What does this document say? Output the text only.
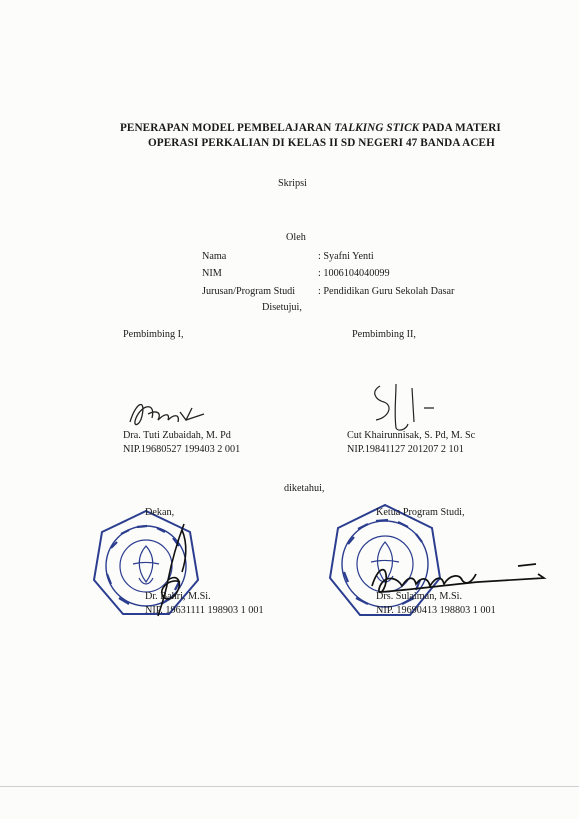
PENERAPAN MODEL PEMBELAJARAN TALKING STICK PADA MATERI
OPERASI PERKALIAN DI KELAS II SD NEGERI 47 BANDA ACEH
Skripsi
Oleh
Nama	: Syafni Yenti
NIM	: 1006104040099
Jurusan/Program Studi : Pendidikan Guru Sekolah Dasar
Disetujui,
Pembimbing I,	Pembimbing II,
Dra. Tuti Zubaidah, M. Pd
NIP.19680527 199403 2 001
Cut Khairunnisak, S. Pd, M. Sc
NIP.19841127 201207 2 101
diketahui,
Dekan,
Dr. Bahri, M.Si.
NIP. 19631111 198903 1 001
Ketua Program Studi,
Drs. Sulaiman, M.Si.
NIP. 19690413 198803 1 001
